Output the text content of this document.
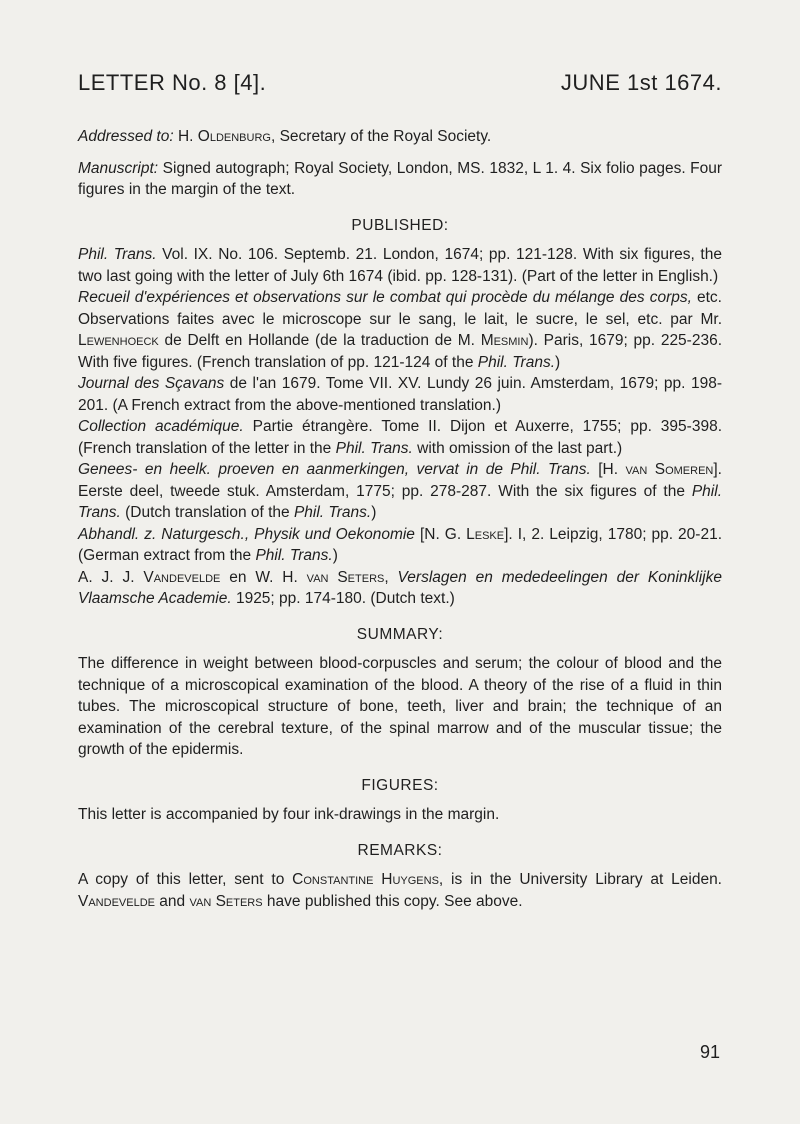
LETTER No. 8 [4].	JUNE 1st 1674.

Addressed to: H. Oldenburg, Secretary of the Royal Society.

Manuscript: Signed autograph; Royal Society, London, MS. 1832, L 1. 4. Six folio pages. Four figures in the margin of the text.

PUBLISHED:

Phil. Trans. Vol. IX. No. 106. Septemb. 21. London, 1674; pp. 121-128. With six figures, the two last going with the letter of July 6th 1674 (ibid. pp. 128-131). (Part of the letter in English.)

Recueil d'expériences et observations sur le combat qui procède du mélange des corps, etc. Observations faites avec le microscope sur le sang, le lait, le sucre, le sel, etc. par Mr. Lewenhoeck de Delft en Hollande (de la traduction de M. Mesmin). Paris, 1679; pp. 225-236. With five figures. (French translation of pp. 121-124 of the Phil. Trans.)

Journal des Sçavans de l'an 1679. Tome VII. XV. Lundy 26 juin. Amsterdam, 1679; pp. 198-201. (A French extract from the above-mentioned translation.)

Collection académique. Partie étrangère. Tome II. Dijon et Auxerre, 1755; pp. 395-398. (French translation of the letter in the Phil. Trans. with omission of the last part.)

Genees- en heelk. proeven en aanmerkingen, vervat in de Phil. Trans. [H. van Someren]. Eerste deel, tweede stuk. Amsterdam, 1775; pp. 278-287. With the six figures of the Phil. Trans. (Dutch translation of the Phil. Trans.)

Abhandl. z. Naturgesch., Physik und Oekonomie [N. G. Leske]. I, 2. Leipzig, 1780; pp. 20-21. (German extract from the Phil. Trans.)

A. J. J. Vandevelde en W. H. van Seters, Verslagen en mededeelingen der Koninklijke Vlaamsche Academie. 1925; pp. 174-180. (Dutch text.)

SUMMARY:

The difference in weight between blood-corpuscles and serum; the colour of blood and the technique of a microscopical examination of the blood. A theory of the rise of a fluid in thin tubes. The microscopical structure of bone, teeth, liver and brain; the technique of an examination of the cerebral texture, of the spinal marrow and of the muscular tissue; the growth of the epidermis.

FIGURES:

This letter is accompanied by four ink-drawings in the margin.

REMARKS:

A copy of this letter, sent to Constantine Huygens, is in the University Library at Leiden. Vandevelde and van Seters have published this copy. See above.

91
